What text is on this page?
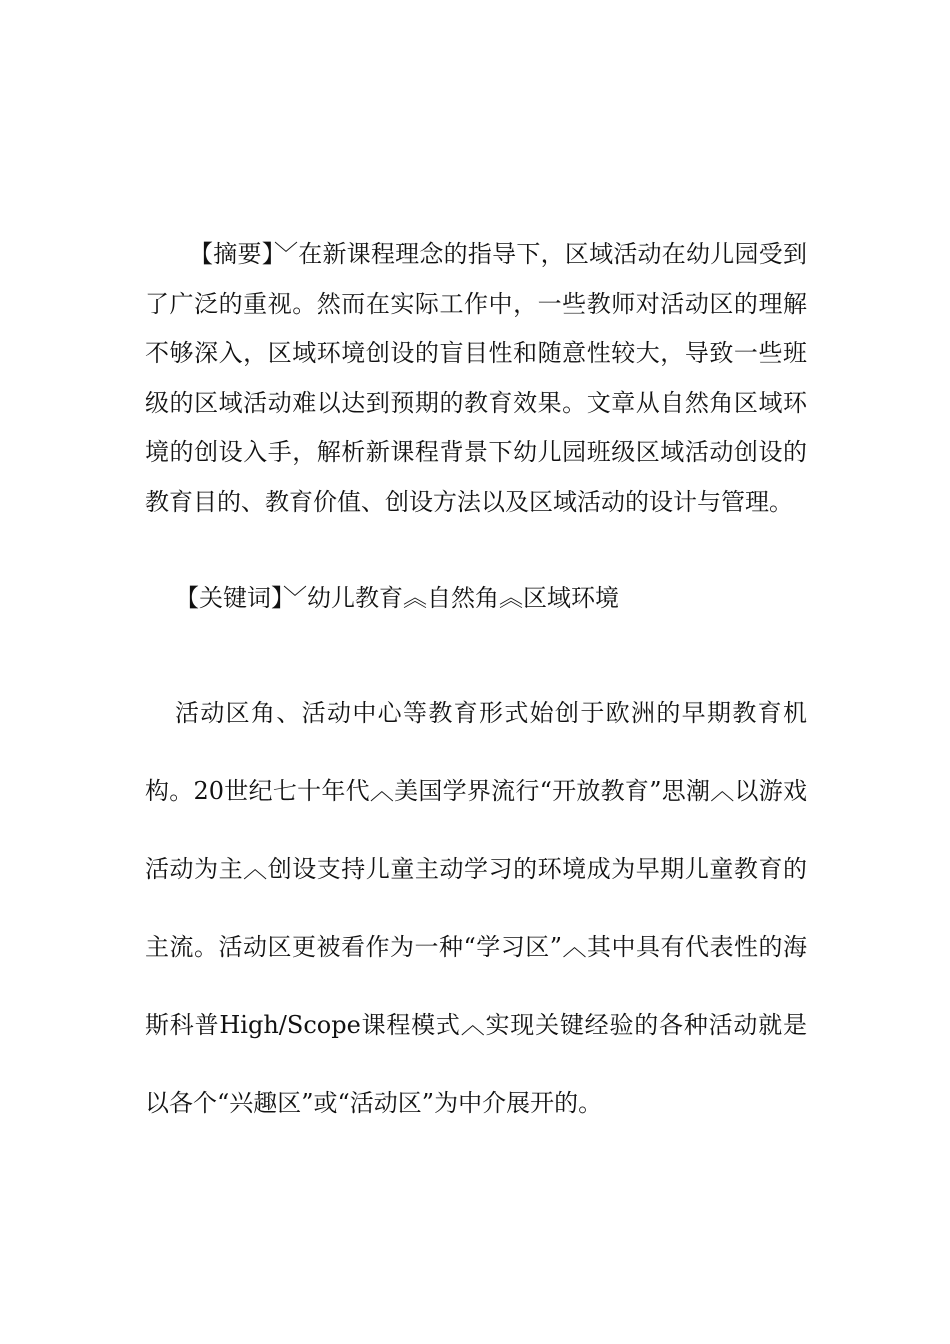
【摘要】﹀在新课程理念的指导下，区域活动在幼儿园受到了广泛的重视。然而在实际工作中，一些教师对活动区的理解不够深入，区域环境创设的盲目性和随意性较大，导致一些班级的区域活动难以达到预期的教育效果。文章从自然角区域环境的创设入手，解析新课程背景下幼儿园班级区域活动创设的教育目的、教育价值、创设方法以及区域活动的设计与管理。

【关键词】﹀幼儿教育︽自然角︽区域环境

活动区角、活动中心等教育形式始创于欧洲的早期教育机构。20世纪七十年代︿美国学界流行“开放教育”思潮︿以游戏活动为主︿创设支持儿童主动学习的环境成为早期儿童教育的主流。活动区更被看作为一种“学习区”︿其中具有代表性的海斯科普High/Scope课程模式︿实现关键经验的各种活动就是以各个“兴趣区”或“活动区”为中介展开的。
